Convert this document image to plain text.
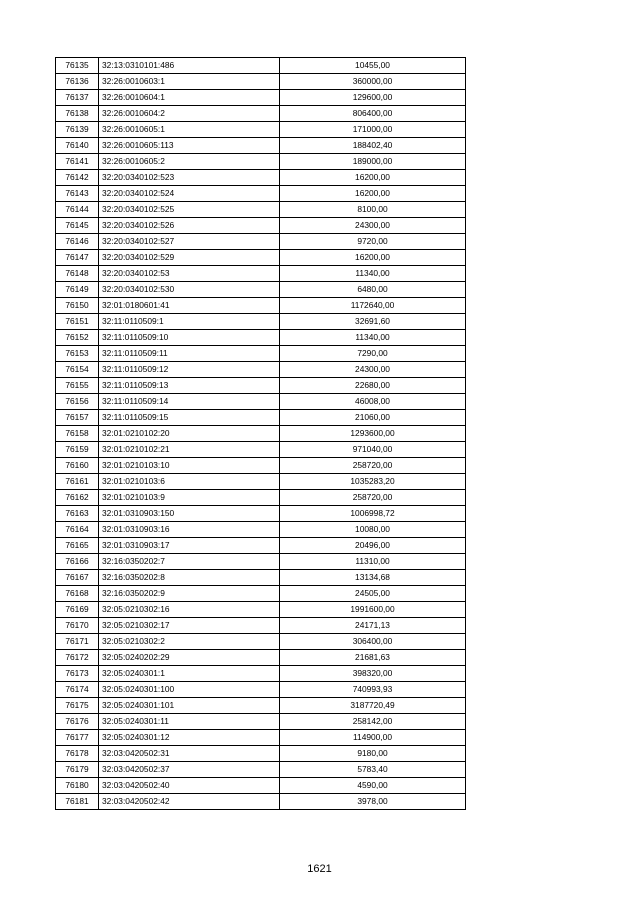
76135	32:13:0310101:486	10455,00
76136	32:26:0010603:1	360000,00
76137	32:26:0010604:1	129600,00
76138	32:26:0010604:2	806400,00
76139	32:26:0010605:1	171000,00
76140	32:26:0010605:113	188402,40
76141	32:26:0010605:2	189000,00
76142	32:20:0340102:523	16200,00
76143	32:20:0340102:524	16200,00
76144	32:20:0340102:525	8100,00
76145	32:20:0340102:526	24300,00
76146	32:20:0340102:527	9720,00
76147	32:20:0340102:529	16200,00
76148	32:20:0340102:53	11340,00
76149	32:20:0340102:530	6480,00
76150	32:01:0180601:41	1172640,00
76151	32:11:0110509:1	32691,60
76152	32:11:0110509:10	11340,00
76153	32:11:0110509:11	7290,00
76154	32:11:0110509:12	24300,00
76155	32:11:0110509:13	22680,00
76156	32:11:0110509:14	46008,00
76157	32:11:0110509:15	21060,00
76158	32:01:0210102:20	1293600,00
76159	32:01:0210102:21	971040,00
76160	32:01:0210103:10	258720,00
76161	32:01:0210103:6	1035283,20
76162	32:01:0210103:9	258720,00
76163	32:01:0310903:150	1006998,72
76164	32:01:0310903:16	10080,00
76165	32:01:0310903:17	20496,00
76166	32:16:0350202:7	11310,00
76167	32:16:0350202:8	13134,68
76168	32:16:0350202:9	24505,00
76169	32:05:0210302:16	1991600,00
76170	32:05:0210302:17	24171,13
76171	32:05:0210302:2	306400,00
76172	32:05:0240202:29	21681,63
76173	32:05:0240301:1	398320,00
76174	32:05:0240301:100	740993,93
76175	32:05:0240301:101	3187720,49
76176	32:05:0240301:11	258142,00
76177	32:05:0240301:12	114900,00
76178	32:03:0420502:31	9180,00
76179	32:03:0420502:37	5783,40
76180	32:03:0420502:40	4590,00
76181	32:03:0420502:42	3978,00
1621
